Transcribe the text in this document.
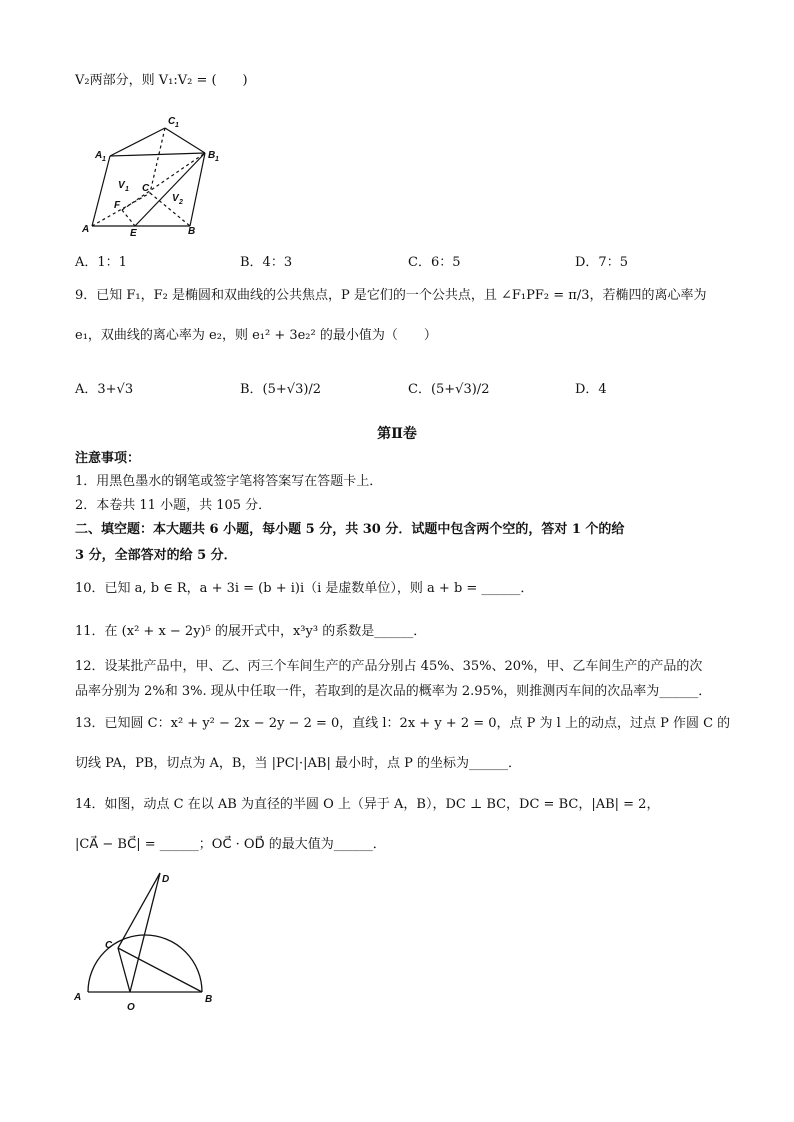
V₂两部分，则 V₁:V₂ = (　　)
C 1
A 1	B 1
V 1 C
V 2
F
A	E	B
A．1：1	B．4：3	C．6：5	D．7：5
9．已知 F₁，F₂ 是椭圆和双曲线的公共焦点，P 是它们的一个公共点，且 ∠F₁PF₂ = π/3，若椭四的离心率为
e₁，双曲线的离心率为 e₂，则 e₁² + 3e₂² 的最小值为（　　）
A．3+√3	B．(5+√3)/2	C．(5+√3)/2	D．4
第Ⅱ卷
注意事项：
1．用黑色墨水的钢笔或签字笔将答案写在答题卡上．
2．本卷共 11 小题，共 105 分．
二、填空题：本大题共 6 小题，每小题 5 分，共 30 分．试题中包含两个空的，答对 1 个的给
3 分，全部答对的给 5 分．
10．已知 a, b ∈ R，a + 3i = (b + i)i（i 是虚数单位），则 a + b = ______．
11．在 (x² + x − 2y)⁵ 的展开式中，x³y³ 的系数是______．
12．设某批产品中，甲、乙、丙三个车间生产的产品分别占 45%、35%、20%，甲、乙车间生产的产品的次
品率分别为 2%和 3%. 现从中任取一件，若取到的是次品的概率为 2.95%，则推测丙车间的次品率为______．
13．已知圆 C：x² + y² − 2x − 2y − 2 = 0，直线 l：2x + y + 2 = 0，点 P 为 l 上的动点，过点 P 作圆 C 的
切线 PA，PB，切点为 A，B，当 |PC|·|AB| 最小时，点 P 的坐标为______．
14．如图，动点 C 在以 AB 为直径的半圆 O 上（异于 A，B），DC ⊥ BC，DC = BC，|AB| = 2，
|CA⃗ − BC⃗| = ______；OC⃗ · OD⃗ 的最大值为______．
D
C
A
O
B
